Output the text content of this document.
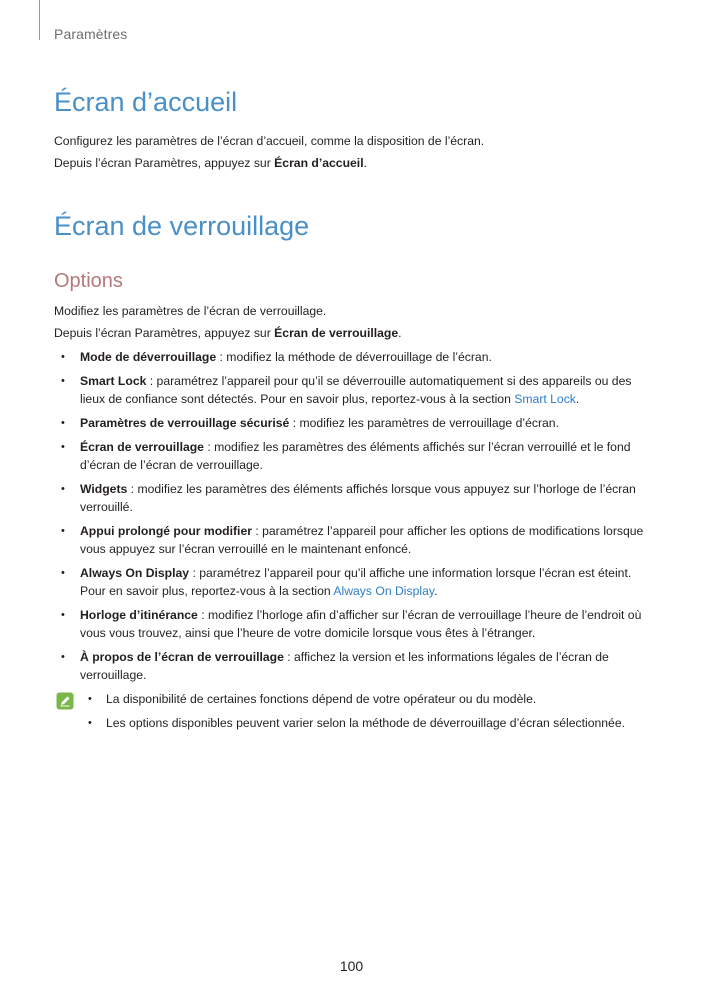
Paramètres
Écran d’accueil

Configurez les paramètres de l’écran d’accueil, comme la disposition de l’écran.

Depuis l’écran Paramètres, appuyez sur Écran d’accueil.

Écran de verrouillage
Options

Modifiez les paramètres de l’écran de verrouillage.

Depuis l’écran Paramètres, appuyez sur Écran de verrouillage.

• Mode de déverrouillage : modifiez la méthode de déverrouillage de l’écran.
• Smart Lock : paramétrez l’appareil pour qu’il se déverrouille automatiquement si des appareils ou des lieux de confiance sont détectés. Pour en savoir plus, reportez-vous à la section Smart Lock.
• Paramètres de verrouillage sécurisé : modifiez les paramètres de verrouillage d’écran.
• Écran de verrouillage : modifiez les paramètres des éléments affichés sur l’écran verrouillé et le fond d’écran de l’écran de verrouillage.
• Widgets : modifiez les paramètres des éléments affichés lorsque vous appuyez sur l’horloge de l’écran verrouillé.
• Appui prolongé pour modifier : paramétrez l’appareil pour afficher les options de modifications lorsque vous appuyez sur l’écran verrouillé en le maintenant enfoncé.
• Always On Display : paramétrez l’appareil pour qu’il affiche une information lorsque l’écran est éteint. Pour en savoir plus, reportez-vous à la section Always On Display.
• Horloge d’itinérance : modifiez l’horloge afin d’afficher sur l’écran de verrouillage l’heure de l’endroit où vous vous trouvez, ainsi que l’heure de votre domicile lorsque vous êtes à l’étranger.
• À propos de l’écran de verrouillage : affichez la version et les informations légales de l’écran de verrouillage.
• La disponibilité de certaines fonctions dépend de votre opérateur ou du modèle.
• Les options disponibles peuvent varier selon la méthode de déverrouillage d’écran sélectionnée.
100
